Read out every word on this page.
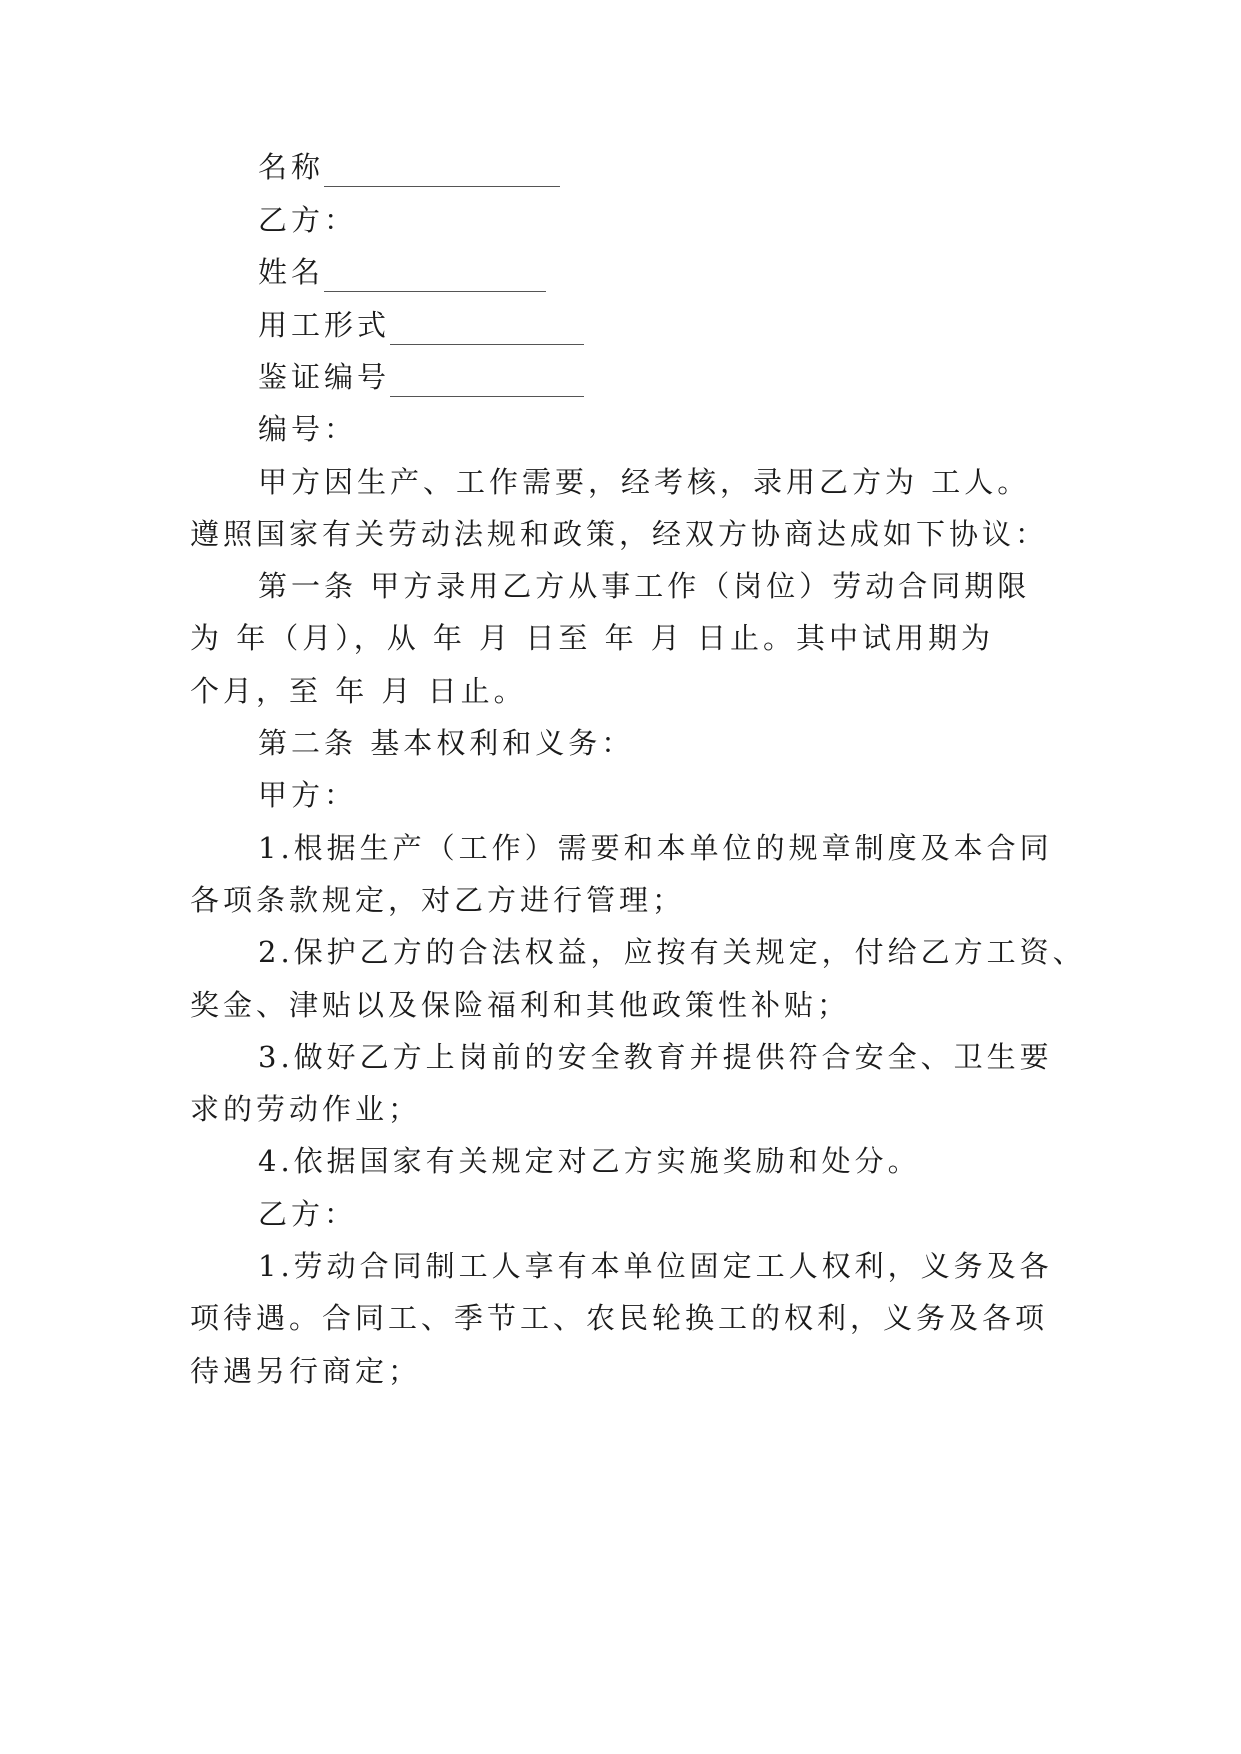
名称
乙方：
姓名
用工形式
鉴证编号
编号：
甲方因生产、工作需要，经考核，录用乙方为 工人。
遵照国家有关劳动法规和政策，经双方协商达成如下协议：
第一条 甲方录用乙方从事工作（岗位）劳动合同期限
为 年（月），从 年 月 日至 年 月 日止。其中试用期为
个月，至 年 月 日止。
第二条 基本权利和义务：
甲方：
1.根据生产（工作）需要和本单位的规章制度及本合同
各项条款规定，对乙方进行管理；
2.保护乙方的合法权益，应按有关规定，付给乙方工资、
奖金、津贴以及保险福利和其他政策性补贴；
3.做好乙方上岗前的安全教育并提供符合安全、卫生要
求的劳动作业；
4.依据国家有关规定对乙方实施奖励和处分。
乙方：
1.劳动合同制工人享有本单位固定工人权利，义务及各
项待遇。合同工、季节工、农民轮换工的权利，义务及各项
待遇另行商定；
